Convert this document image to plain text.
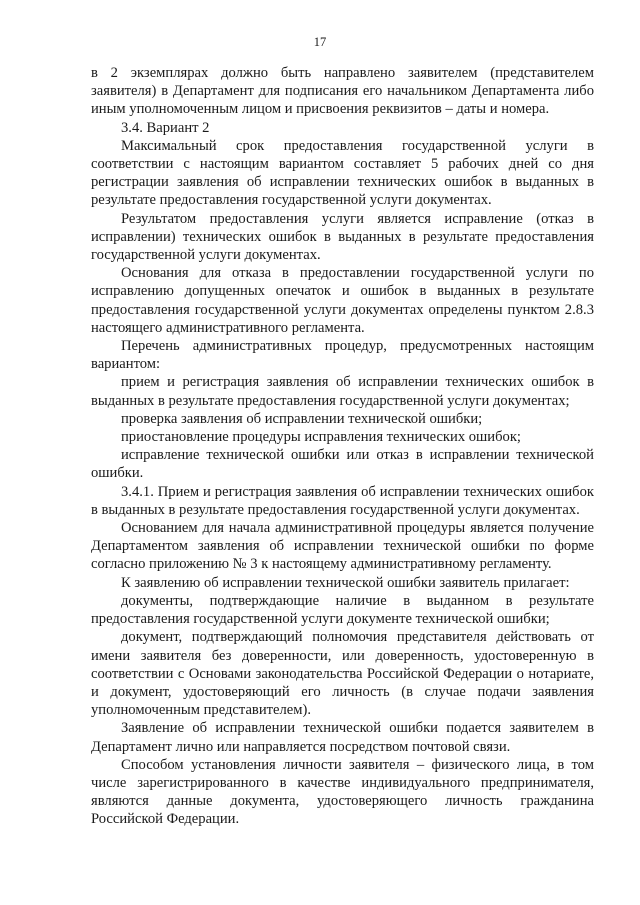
17

в 2 экземплярах должно быть направлено заявителем (представителем заявителя) в Департамент для подписания его начальником Департамента либо иным уполномоченным лицом и присвоения реквизитов – даты и номера.

3.4. Вариант 2

Максимальный срок предоставления государственной услуги в соответствии с настоящим вариантом составляет 5 рабочих дней со дня регистрации заявления об исправлении технических ошибок в выданных в результате предоставления государственной услуги документах.

Результатом предоставления услуги является исправление (отказ в исправлении) технических ошибок в выданных в результате предоставления государственной услуги документах.

Основания для отказа в предоставлении государственной услуги по исправлению допущенных опечаток и ошибок в выданных в результате предоставления государственной услуги документах определены пунктом 2.8.3 настоящего административного регламента.

Перечень административных процедур, предусмотренных настоящим вариантом:

прием и регистрация заявления об исправлении технических ошибок в выданных в результате предоставления государственной услуги документах;

проверка заявления об исправлении технической ошибки;

приостановление процедуры исправления технических ошибок;

исправление технической ошибки или отказ в исправлении технической ошибки.

3.4.1. Прием и регистрация заявления об исправлении технических ошибок в выданных в результате предоставления государственной услуги документах.

Основанием для начала административной процедуры является получение Департаментом заявления об исправлении технической ошибки по форме согласно приложению № 3 к настоящему административному регламенту.

К заявлению об исправлении технической ошибки заявитель прилагает:

документы, подтверждающие наличие в выданном в результате предоставления государственной услуги документе технической ошибки;

документ, подтверждающий полномочия представителя действовать от имени заявителя без доверенности, или доверенность, удостоверенную в соответствии с Основами законодательства Российской Федерации о нотариате, и документ, удостоверяющий его личность (в случае подачи заявления уполномоченным представителем).

Заявление об исправлении технической ошибки подается заявителем в Департамент лично или направляется посредством почтовой связи.

Способом установления личности заявителя – физического лица, в том числе зарегистрированного в качестве индивидуального предпринимателя, являются данные документа, удостоверяющего личность гражданина Российской Федерации.
